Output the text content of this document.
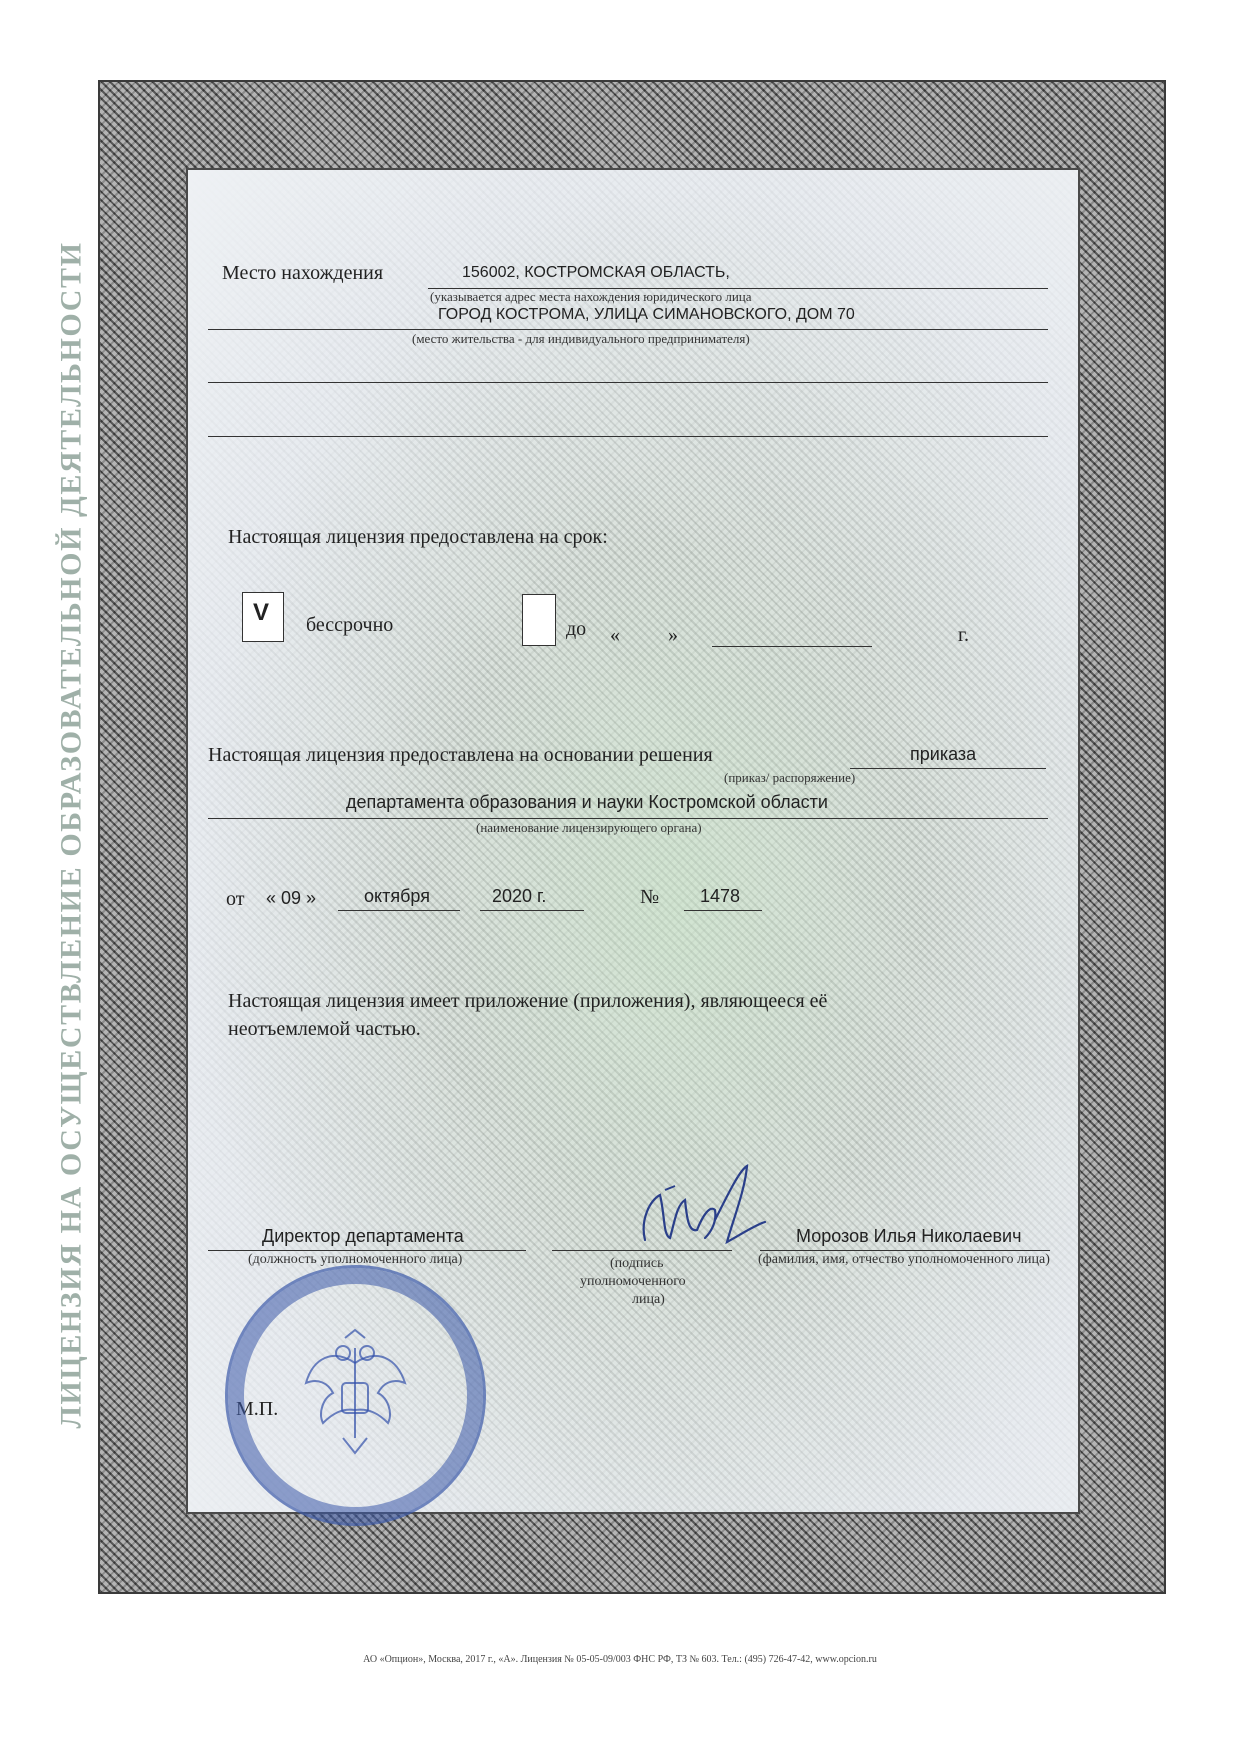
ЛИЦЕНЗИЯ НА ОСУЩЕСТВЛЕНИЕ ОБРАЗОВАТЕЛЬНОЙ ДЕЯТЕЛЬНОСТИ	Место нахождения	156002, КОСТРОМСКАЯ ОБЛАСТЬ,
(указывается адрес места нахождения юридического лица
ГОРОД КОСТРОМА, УЛИЦА СИМАНОВСКОГО, ДОМ 70
(место жительства - для индивидуального предпринимателя)
Настоящая лицензия предоставлена на срок:
V бессрочно	до « »	г.
Настоящая лицензия предоставлена на основании решения	приказа
(приказ/ распоряжение)
департамента образования и науки Костромской области
(наименование лицензирующего органа)
от « 09 »	октября	2020 г.	№ 1478
Настоящая лицензия имеет приложение (приложения), являющееся её
неотъемлемой частью.
Директор департамента
(должность уполномоченного лица)	(подпись
уполномоченного
лица)
Морозов Илья Николаевич
(фамилия, имя, отчество уполномоченного лица)
М.П.
АО «Опцион», Москва, 2017 г., «А». Лицензия № 05-05-09/003 ФНС РФ, ТЗ № 603. Тел.: (495) 726-47-42, www.opcion.ru
